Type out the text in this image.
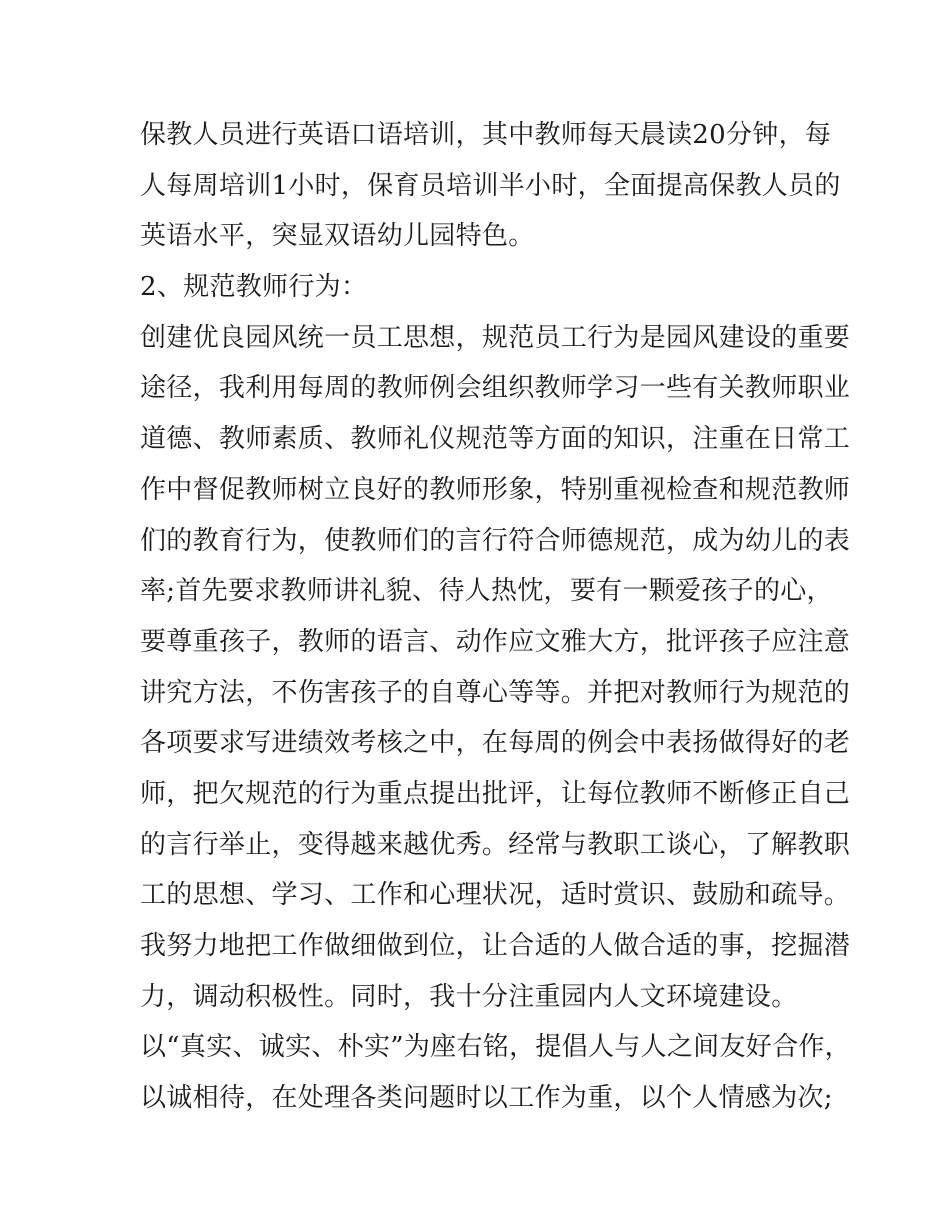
保教人员进行英语口语培训，其中教师每天晨读20分钟，每
人每周培训1小时，保育员培训半小时，全面提高保教人员的
英语水平，突显双语幼儿园特色。
2、规范教师行为：
创建优良园风统一员工思想，规范员工行为是园风建设的重要
途径，我利用每周的教师例会组织教师学习一些有关教师职业
道德、教师素质、教师礼仪规范等方面的知识，注重在日常工
作中督促教师树立良好的教师形象，特别重视检查和规范教师
们的教育行为，使教师们的言行符合师德规范，成为幼儿的表
率;首先要求教师讲礼貌、待人热忱，要有一颗爱孩子的心，
要尊重孩子，教师的语言、动作应文雅大方，批评孩子应注意
讲究方法，不伤害孩子的自尊心等等。并把对教师行为规范的
各项要求写进绩效考核之中，在每周的例会中表扬做得好的老
师，把欠规范的行为重点提出批评，让每位教师不断修正自己
的言行举止，变得越来越优秀。经常与教职工谈心，了解教职
工的思想、学习、工作和心理状况，适时赏识、鼓励和疏导。
我努力地把工作做细做到位，让合适的人做合适的事，挖掘潜
力，调动积极性。同时，我十分注重园内人文环境建设。
以“真实、诚实、朴实”为座右铭，提倡人与人之间友好合作，
以诚相待，在处理各类问题时以工作为重，以个人情感为次;
